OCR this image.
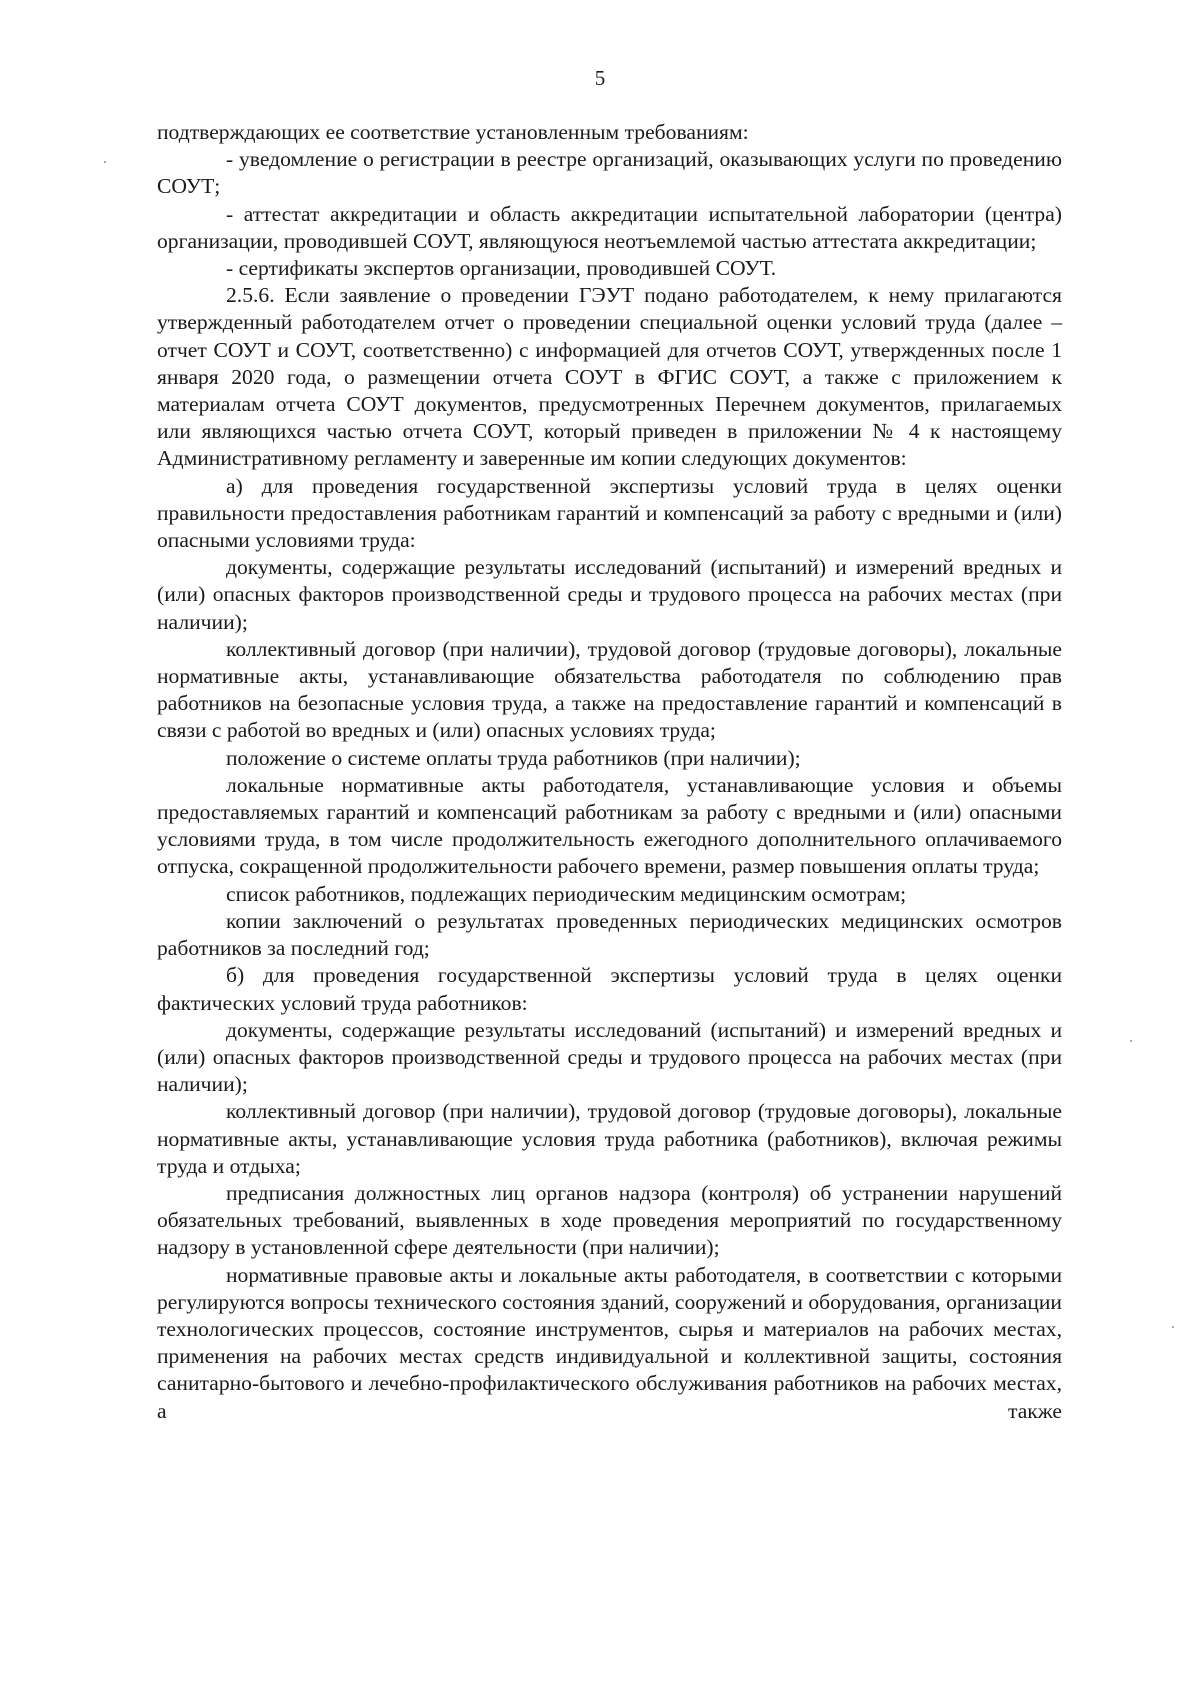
5

подтверждающих ее соответствие установленным требованиям:

- уведомление о регистрации в реестре организаций, оказывающих услуги по проведению СОУТ;

- аттестат аккредитации и область аккредитации испытательной лаборатории (центра) организации, проводившей СОУТ, являющуюся неотъемлемой частью аттестата аккредитации;

- сертификаты экспертов организации, проводившей СОУТ.

2.5.6. Если заявление о проведении ГЭУТ подано работодателем, к нему прилагаются утвержденный работодателем отчет о проведении специальной оценки условий труда (далее – отчет СОУТ и СОУТ, соответственно) с информацией для отчетов СОУТ, утвержденных после 1 января 2020 года, о размещении отчета СОУТ в ФГИС СОУТ, а также с приложением к материалам отчета СОУТ документов, предусмотренных Перечнем документов, прилагаемых или являющихся частью отчета СОУТ, который приведен в приложении № 4 к настоящему Административному регламенту и заверенные им копии следующих документов:

а) для проведения государственной экспертизы условий труда в целях оценки правильности предоставления работникам гарантий и компенсаций за работу с вредными и (или) опасными условиями труда:

документы, содержащие результаты исследований (испытаний) и измерений вредных и (или) опасных факторов производственной среды и трудового процесса на рабочих местах (при наличии);

коллективный договор (при наличии), трудовой договор (трудовые договоры), локальные нормативные акты, устанавливающие обязательства работодателя по соблюдению прав работников на безопасные условия труда, а также на предоставление гарантий и компенсаций в связи с работой во вредных и (или) опасных условиях труда;

положение о системе оплаты труда работников (при наличии);

локальные нормативные акты работодателя, устанавливающие условия и объемы предоставляемых гарантий и компенсаций работникам за работу с вредными и (или) опасными условиями труда, в том числе продолжительность ежегодного дополнительного оплачиваемого отпуска, сокращенной продолжительности рабочего времени, размер повышения оплаты труда;

список работников, подлежащих периодическим медицинским осмотрам;

копии заключений о результатах проведенных периодических медицинских осмотров работников за последний год;

б) для проведения государственной экспертизы условий труда в целях оценки фактических условий труда работников:

документы, содержащие результаты исследований (испытаний) и измерений вредных и (или) опасных факторов производственной среды и трудового процесса на рабочих местах (при наличии);

коллективный договор (при наличии), трудовой договор (трудовые договоры), локальные нормативные акты, устанавливающие условия труда работника (работников), включая режимы труда и отдыха;

предписания должностных лиц органов надзора (контроля) об устранении нарушений обязательных требований, выявленных в ходе проведения мероприятий по государственному надзору в установленной сфере деятельности (при наличии);

нормативные правовые акты и локальные акты работодателя, в соответствии с которыми регулируются вопросы технического состояния зданий, сооружений и оборудования, организации технологических процессов, состояние инструментов, сырья и материалов на рабочих местах, применения на рабочих местах средств индивидуальной и коллективной защиты, состояния санитарно-бытового и лечебно-профилактического обслуживания работников на рабочих местах, а также
